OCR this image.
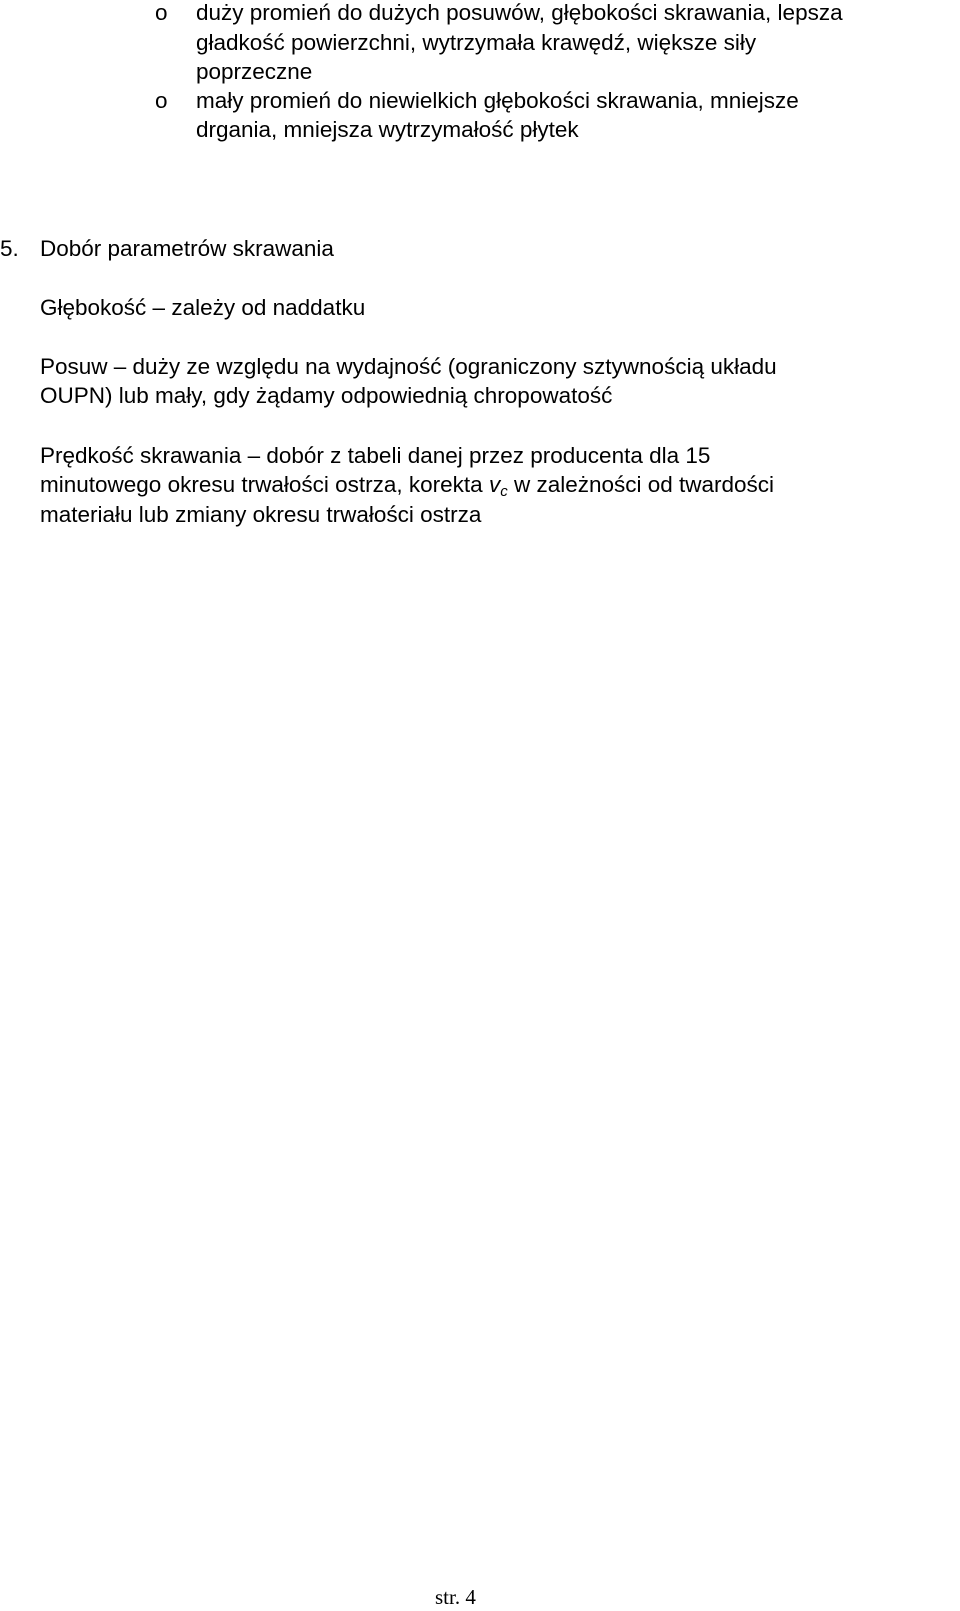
o duży promień do dużych posuwów, głębokości skrawania, lepsza
gładkość powierzchni, wytrzymała krawędź, większe siły
poprzeczne
o mały promień do niewielkich głębokości skrawania, mniejsze
drgania, mniejsza wytrzymałość płytek
5. Dobór parametrów skrawania
Głębokość – zależy od naddatku
Posuw – duży ze względu na wydajność (ograniczony sztywnością układu
OUPN) lub mały, gdy żądamy odpowiednią chropowatość
Prędkość skrawania – dobór z tabeli danej przez producenta dla 15
minutowego okresu trwałości ostrza, korekta $v_c$ w zależności od twardości
materiału lub zmiany okresu trwałości ostrza
str. 4
